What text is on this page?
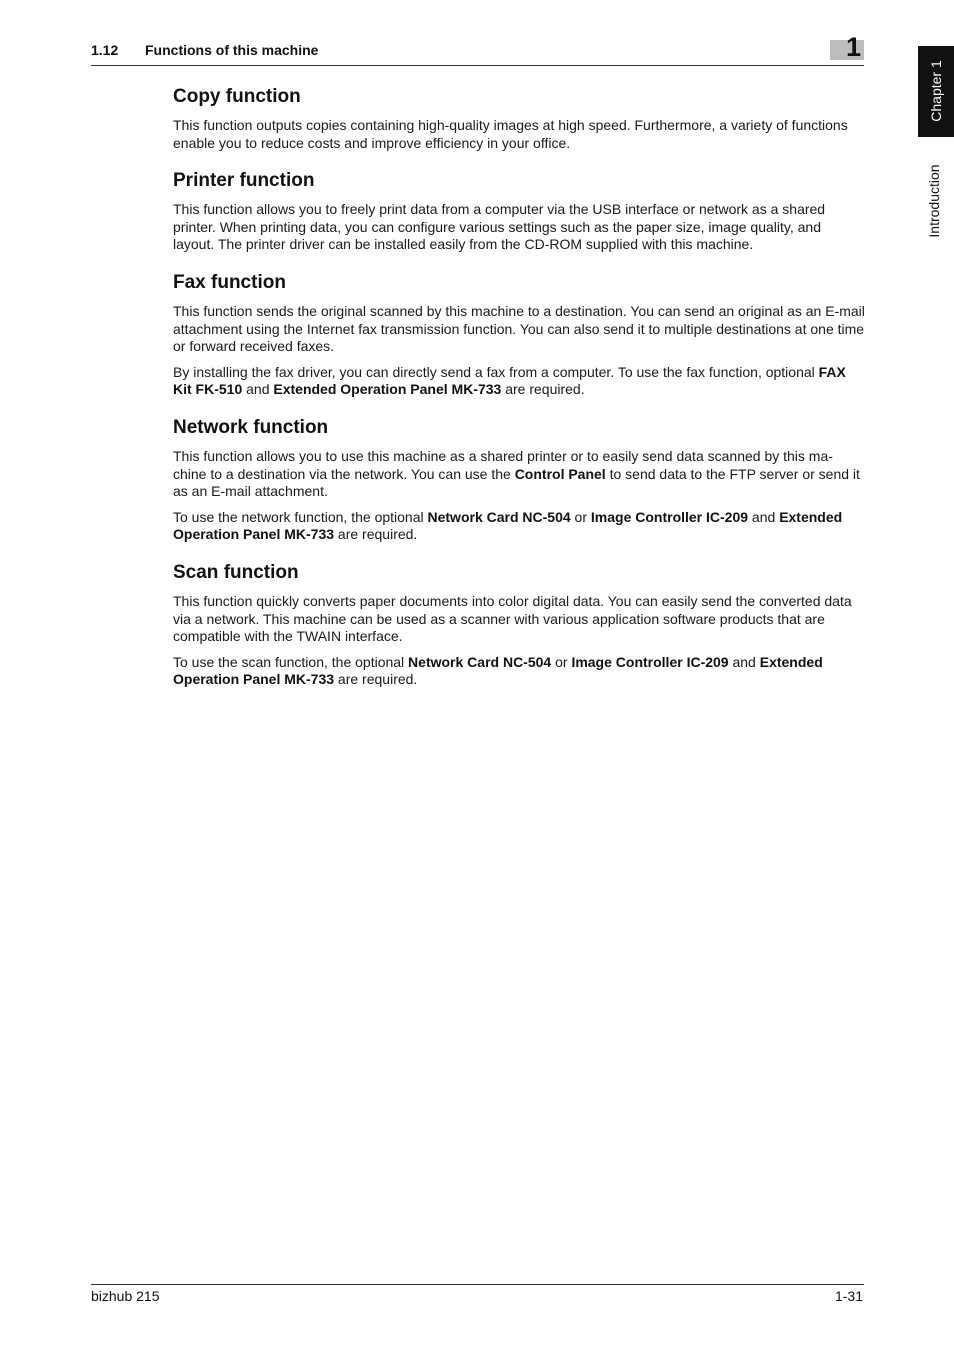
1.12 Functions of this machine	1
Chapter 1
Introduction
Copy function

This function outputs copies containing high-quality images at high speed. Furthermore, a variety of functions enable you to reduce costs and improve efficiency in your office.

Printer function

This function allows you to freely print data from a computer via the USB interface or network as a shared printer. When printing data, you can configure various settings such as the paper size, image quality, and layout. The printer driver can be installed easily from the CD-ROM supplied with this machine.

Fax function

This function sends the original scanned by this machine to a destination. You can send an original as an E-mail attachment using the Internet fax transmission function. You can also send it to multiple destinations at one time or forward received faxes.

By installing the fax driver, you can directly send a fax from a computer. To use the fax function, optional FAX Kit FK-510 and Extended Operation Panel MK-733 are required.

Network function

This function allows you to use this machine as a shared printer or to easily send data scanned by this ma-chine to a destination via the network. You can use the Control Panel to send data to the FTP server or send it as an E-mail attachment.

To use the network function, the optional Network Card NC-504 or Image Controller IC-209 and Extended Operation Panel MK-733 are required.

Scan function

This function quickly converts paper documents into color digital data. You can easily send the converted data via a network. This machine can be used as a scanner with various application software products that are compatible with the TWAIN interface.

To use the scan function, the optional Network Card NC-504 or Image Controller IC-209 and Extended Operation Panel MK-733 are required.

bizhub 215	1-31
